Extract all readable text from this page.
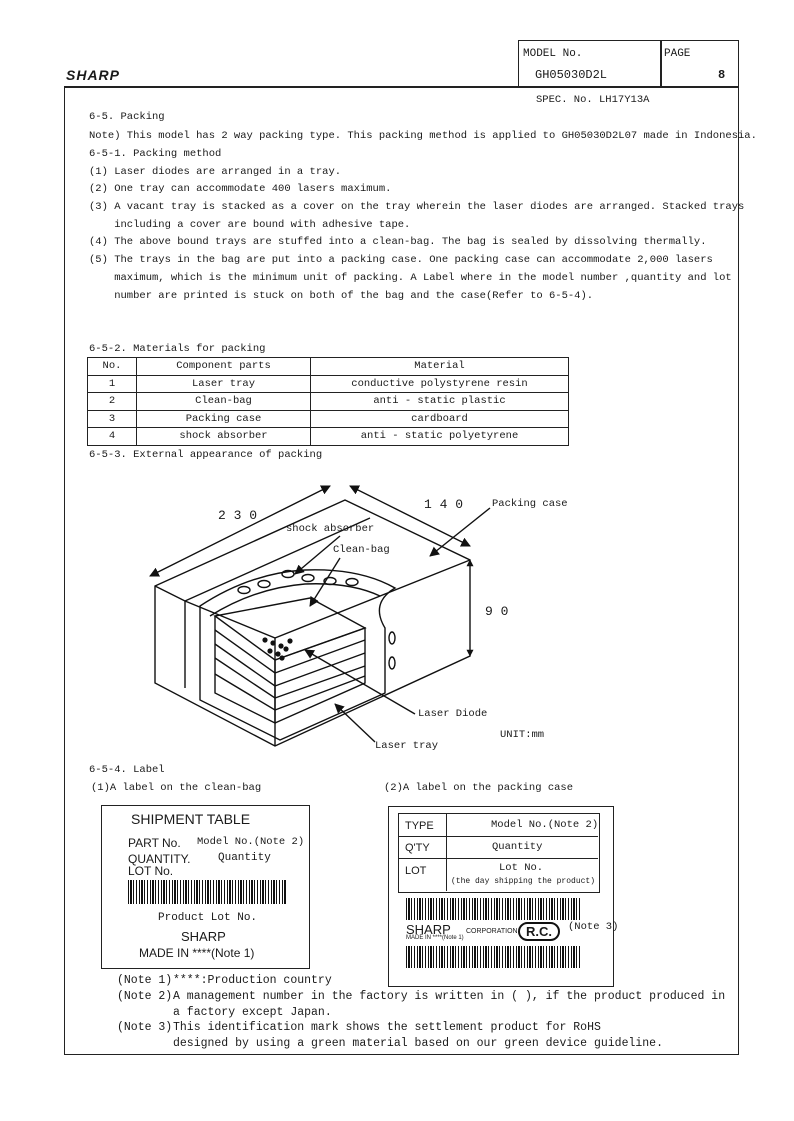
SHARP
MODEL No.
GH05030D2L
PAGE
8
SPEC. No. LH17Y13A
6-5. Packing
Note) This model has 2 way packing type. This packing method is applied to GH05030D2L07 made in Indonesia.
6-5-1. Packing method
(1) Laser diodes are arranged in a tray.
(2) One tray can accommodate 400 lasers maximum.
(3) A vacant tray is stacked as a cover on the tray wherein the laser diodes are arranged. Stacked trays
including a cover are bound with adhesive tape.
(4) The above bound trays are stuffed into a clean-bag. The bag is sealed by dissolving thermally.
(5) The trays in the bag are put into a packing case. One packing case can accommodate 2,000 lasers
maximum, which is the minimum unit of packing. A Label where in the model number ,quantity and lot
number are printed is stuck on both of the bag and the case(Refer to 6-5-4).
6-5-2. Materials for packing
No.	Component parts	Material
1	Laser tray	conductive polystyrene resin
2	Clean-bag	anti - static plastic
3	Packing case	cardboard
4	shock absorber	anti - static polyetyrene
6-5-3. External appearance of packing
2 3 0
1 4 0
9 0
Packing case
shock absorber
Clean-bag
Laser Diode
Laser tray
UNIT:mm
6-5-4. Label
(1)A label on the clean-bag	(2)A label on the packing case
SHIPMENT TABLE
PART No. Model No.(Note 2)
QUANTITY.	Quantity
LOT No.
Product Lot No.
SHARP
MADE IN ****(Note 1)
TYPE	Model No.(Note 2)
Q'TY	Quantity
LOT	Lot No.
(the day shipping the product)
SHARP CORPORATION
MADE IN ****(Note 1)	R.C.	(Note 3)
(Note 1) ****:Production country
(Note 2) A management number in the factory is written in ( ), if the product produced in
a factory except Japan.
(Note 3) This identification mark shows the settlement product for RoHS
designed by using a green material based on our green device guideline.
